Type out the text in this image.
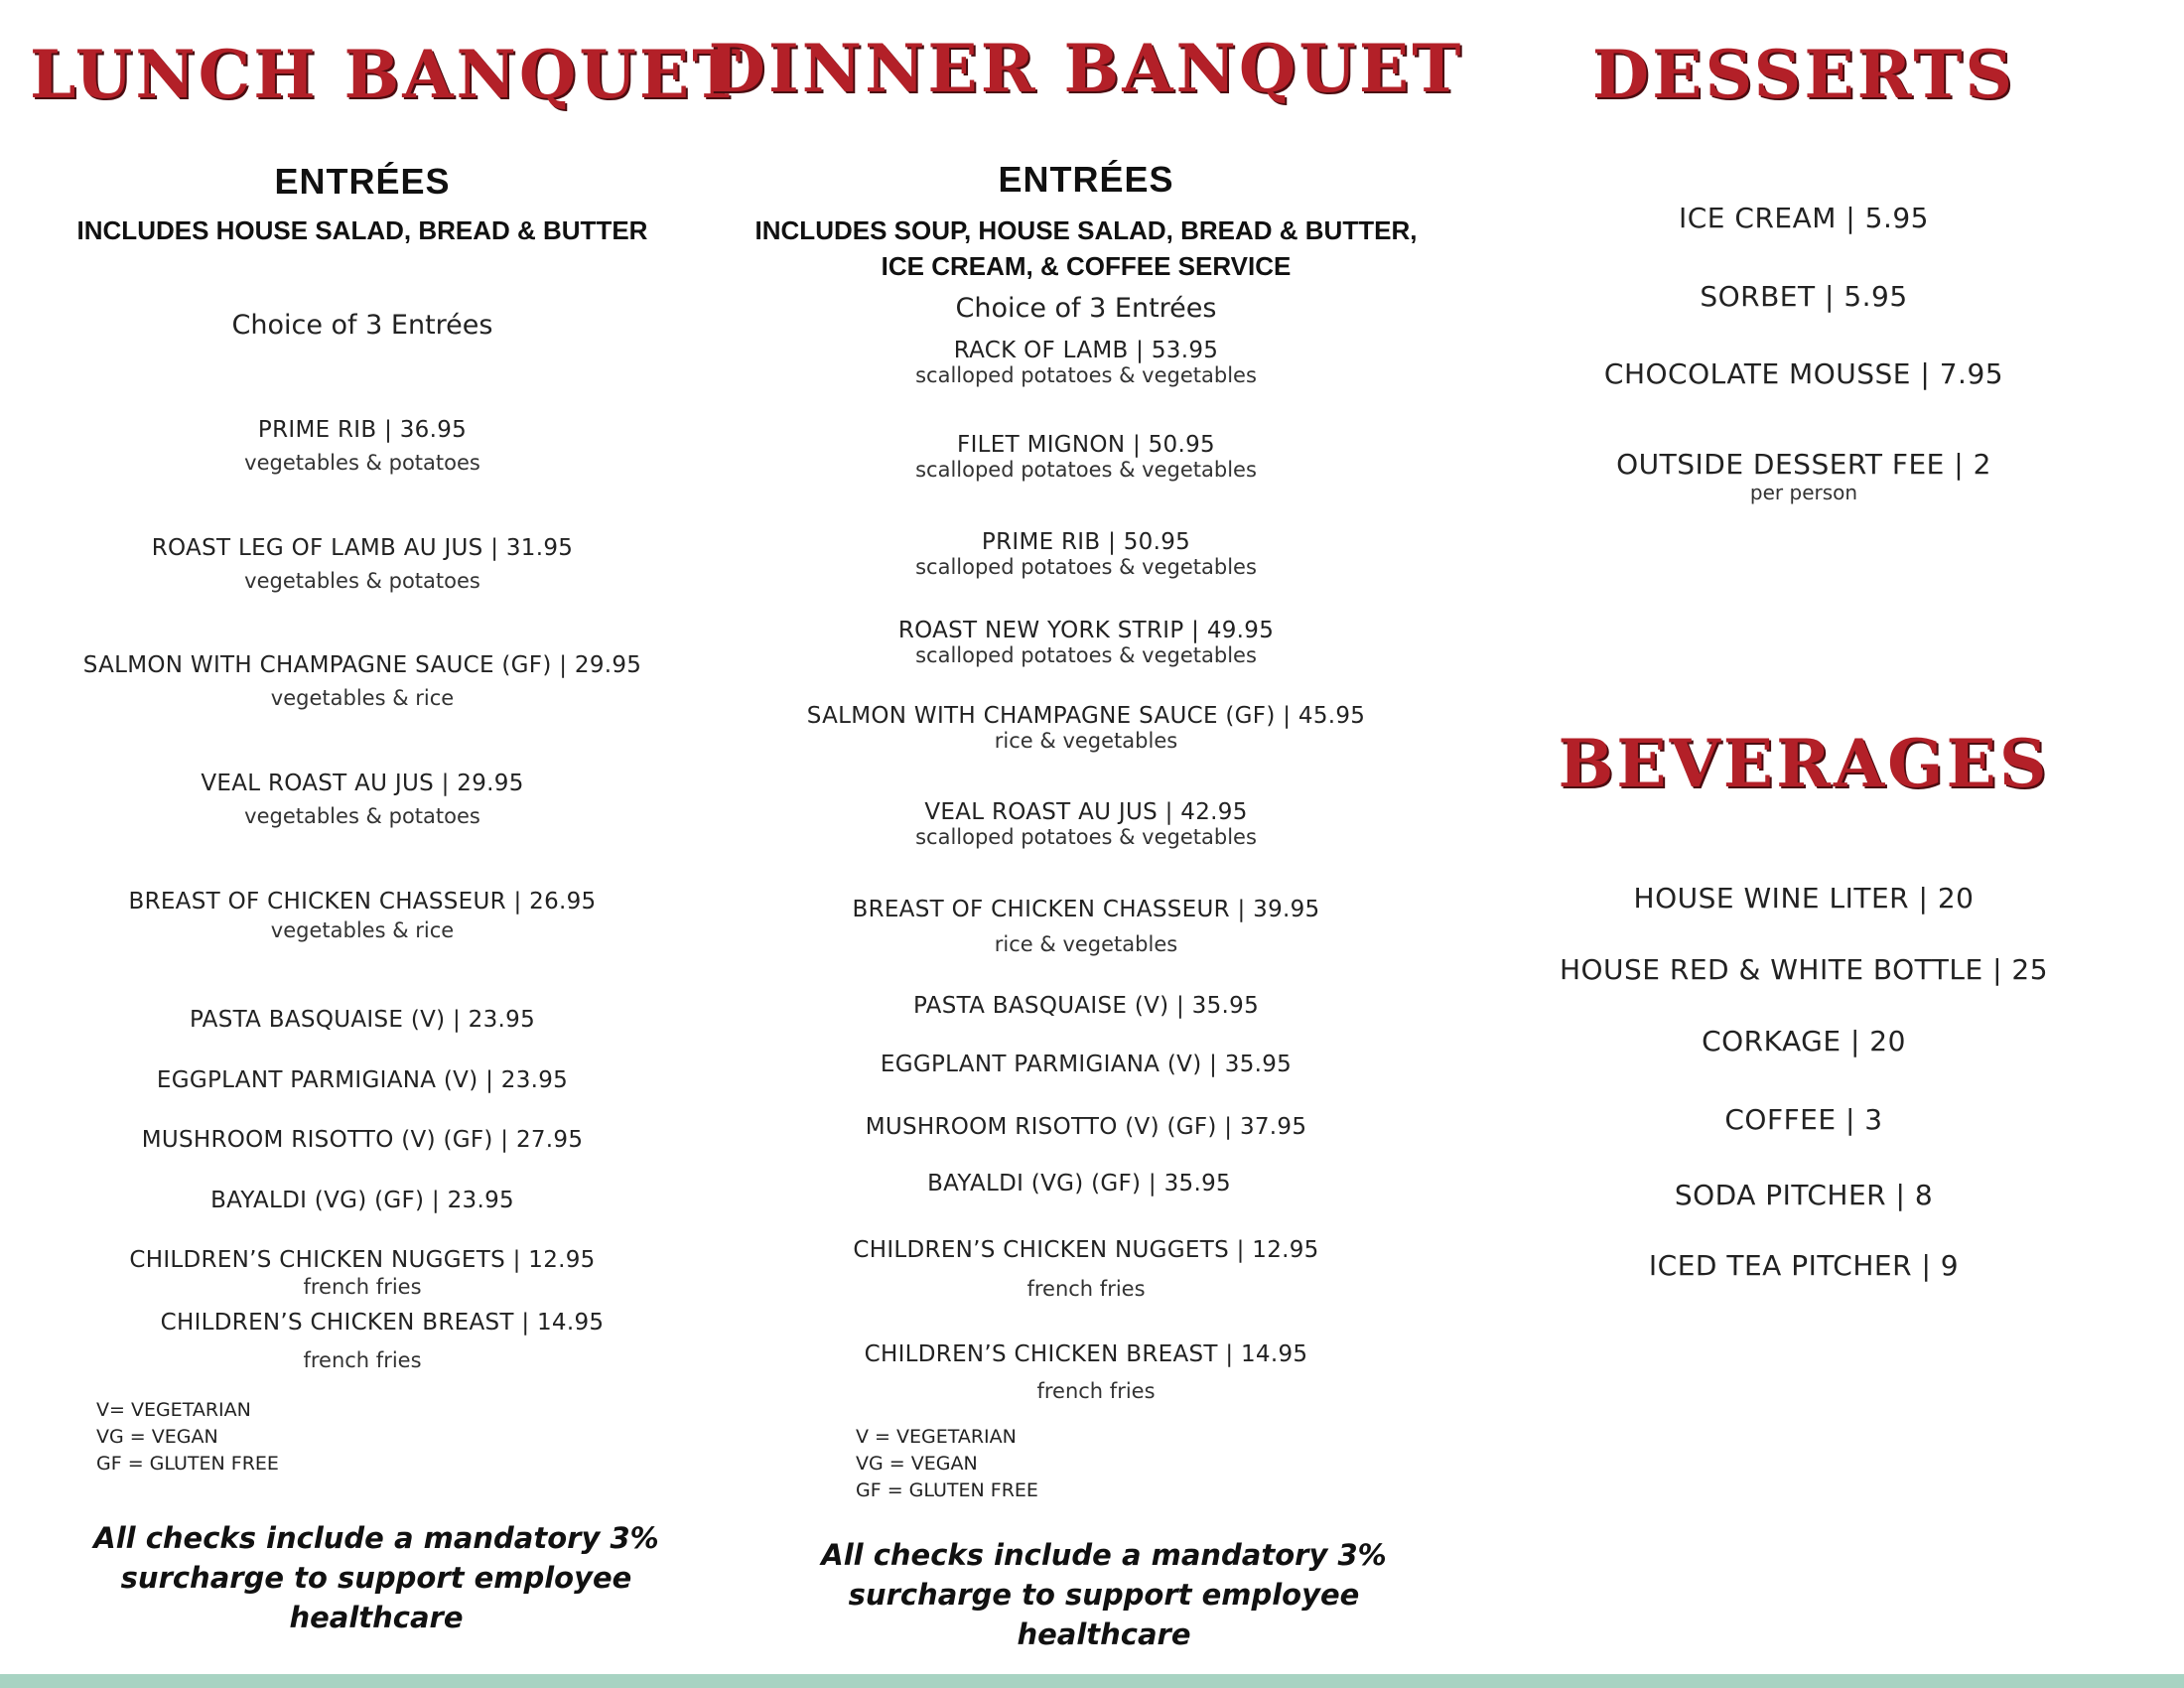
LUNCH BANQUET
ENTRÉES
INCLUDES HOUSE SALAD, BREAD & BUTTER
Choice of 3 Entrées
PRIME RIB | 36.95
vegetables & potatoes
ROAST LEG OF LAMB AU JUS | 31.95
vegetables & potatoes
SALMON WITH CHAMPAGNE SAUCE (GF) | 29.95
vegetables & rice
VEAL ROAST AU JUS | 29.95
vegetables & potatoes
BREAST OF CHICKEN CHASSEUR | 26.95
vegetables & rice
PASTA BASQUAISE (V) | 23.95
EGGPLANT PARMIGIANA (V) | 23.95
MUSHROOM RISOTTO (V) (GF) | 27.95
BAYALDI (VG) (GF) | 23.95
CHILDREN’S CHICKEN NUGGETS | 12.95
french fries
CHILDREN’S CHICKEN BREAST | 14.95
french fries
V= VEGETARIAN
VG = VEGAN
GF = GLUTEN FREE
All checks include a mandatory 3%
surcharge to support employee
healthcare
DINNER BANQUET
ENTRÉES
INCLUDES SOUP, HOUSE SALAD, BREAD & BUTTER,
ICE CREAM, & COFFEE SERVICE
Choice of 3 Entrées
RACK OF LAMB | 53.95
scalloped potatoes & vegetables
FILET MIGNON | 50.95
scalloped potatoes & vegetables
PRIME RIB | 50.95
scalloped potatoes & vegetables
ROAST NEW YORK STRIP | 49.95
scalloped potatoes & vegetables
SALMON WITH CHAMPAGNE SAUCE (GF) | 45.95
rice & vegetables
VEAL ROAST AU JUS | 42.95
scalloped potatoes & vegetables
BREAST OF CHICKEN CHASSEUR | 39.95
rice & vegetables
PASTA BASQUAISE (V) | 35.95
EGGPLANT PARMIGIANA (V) | 35.95
MUSHROOM RISOTTO (V) (GF) | 37.95
BAYALDI (VG) (GF) | 35.95
CHILDREN’S CHICKEN NUGGETS | 12.95
french fries
CHILDREN’S CHICKEN BREAST | 14.95
french fries
V = VEGETARIAN
VG = VEGAN
GF = GLUTEN FREE
All checks include a mandatory 3%
surcharge to support employee
healthcare
DESSERTS
ICE CREAM | 5.95
SORBET | 5.95
CHOCOLATE MOUSSE | 7.95
OUTSIDE DESSERT FEE | 2
per person
BEVERAGES
HOUSE WINE LITER | 20
HOUSE RED & WHITE BOTTLE | 25
CORKAGE | 20
COFFEE | 3
SODA PITCHER | 8
ICED TEA PITCHER | 9
